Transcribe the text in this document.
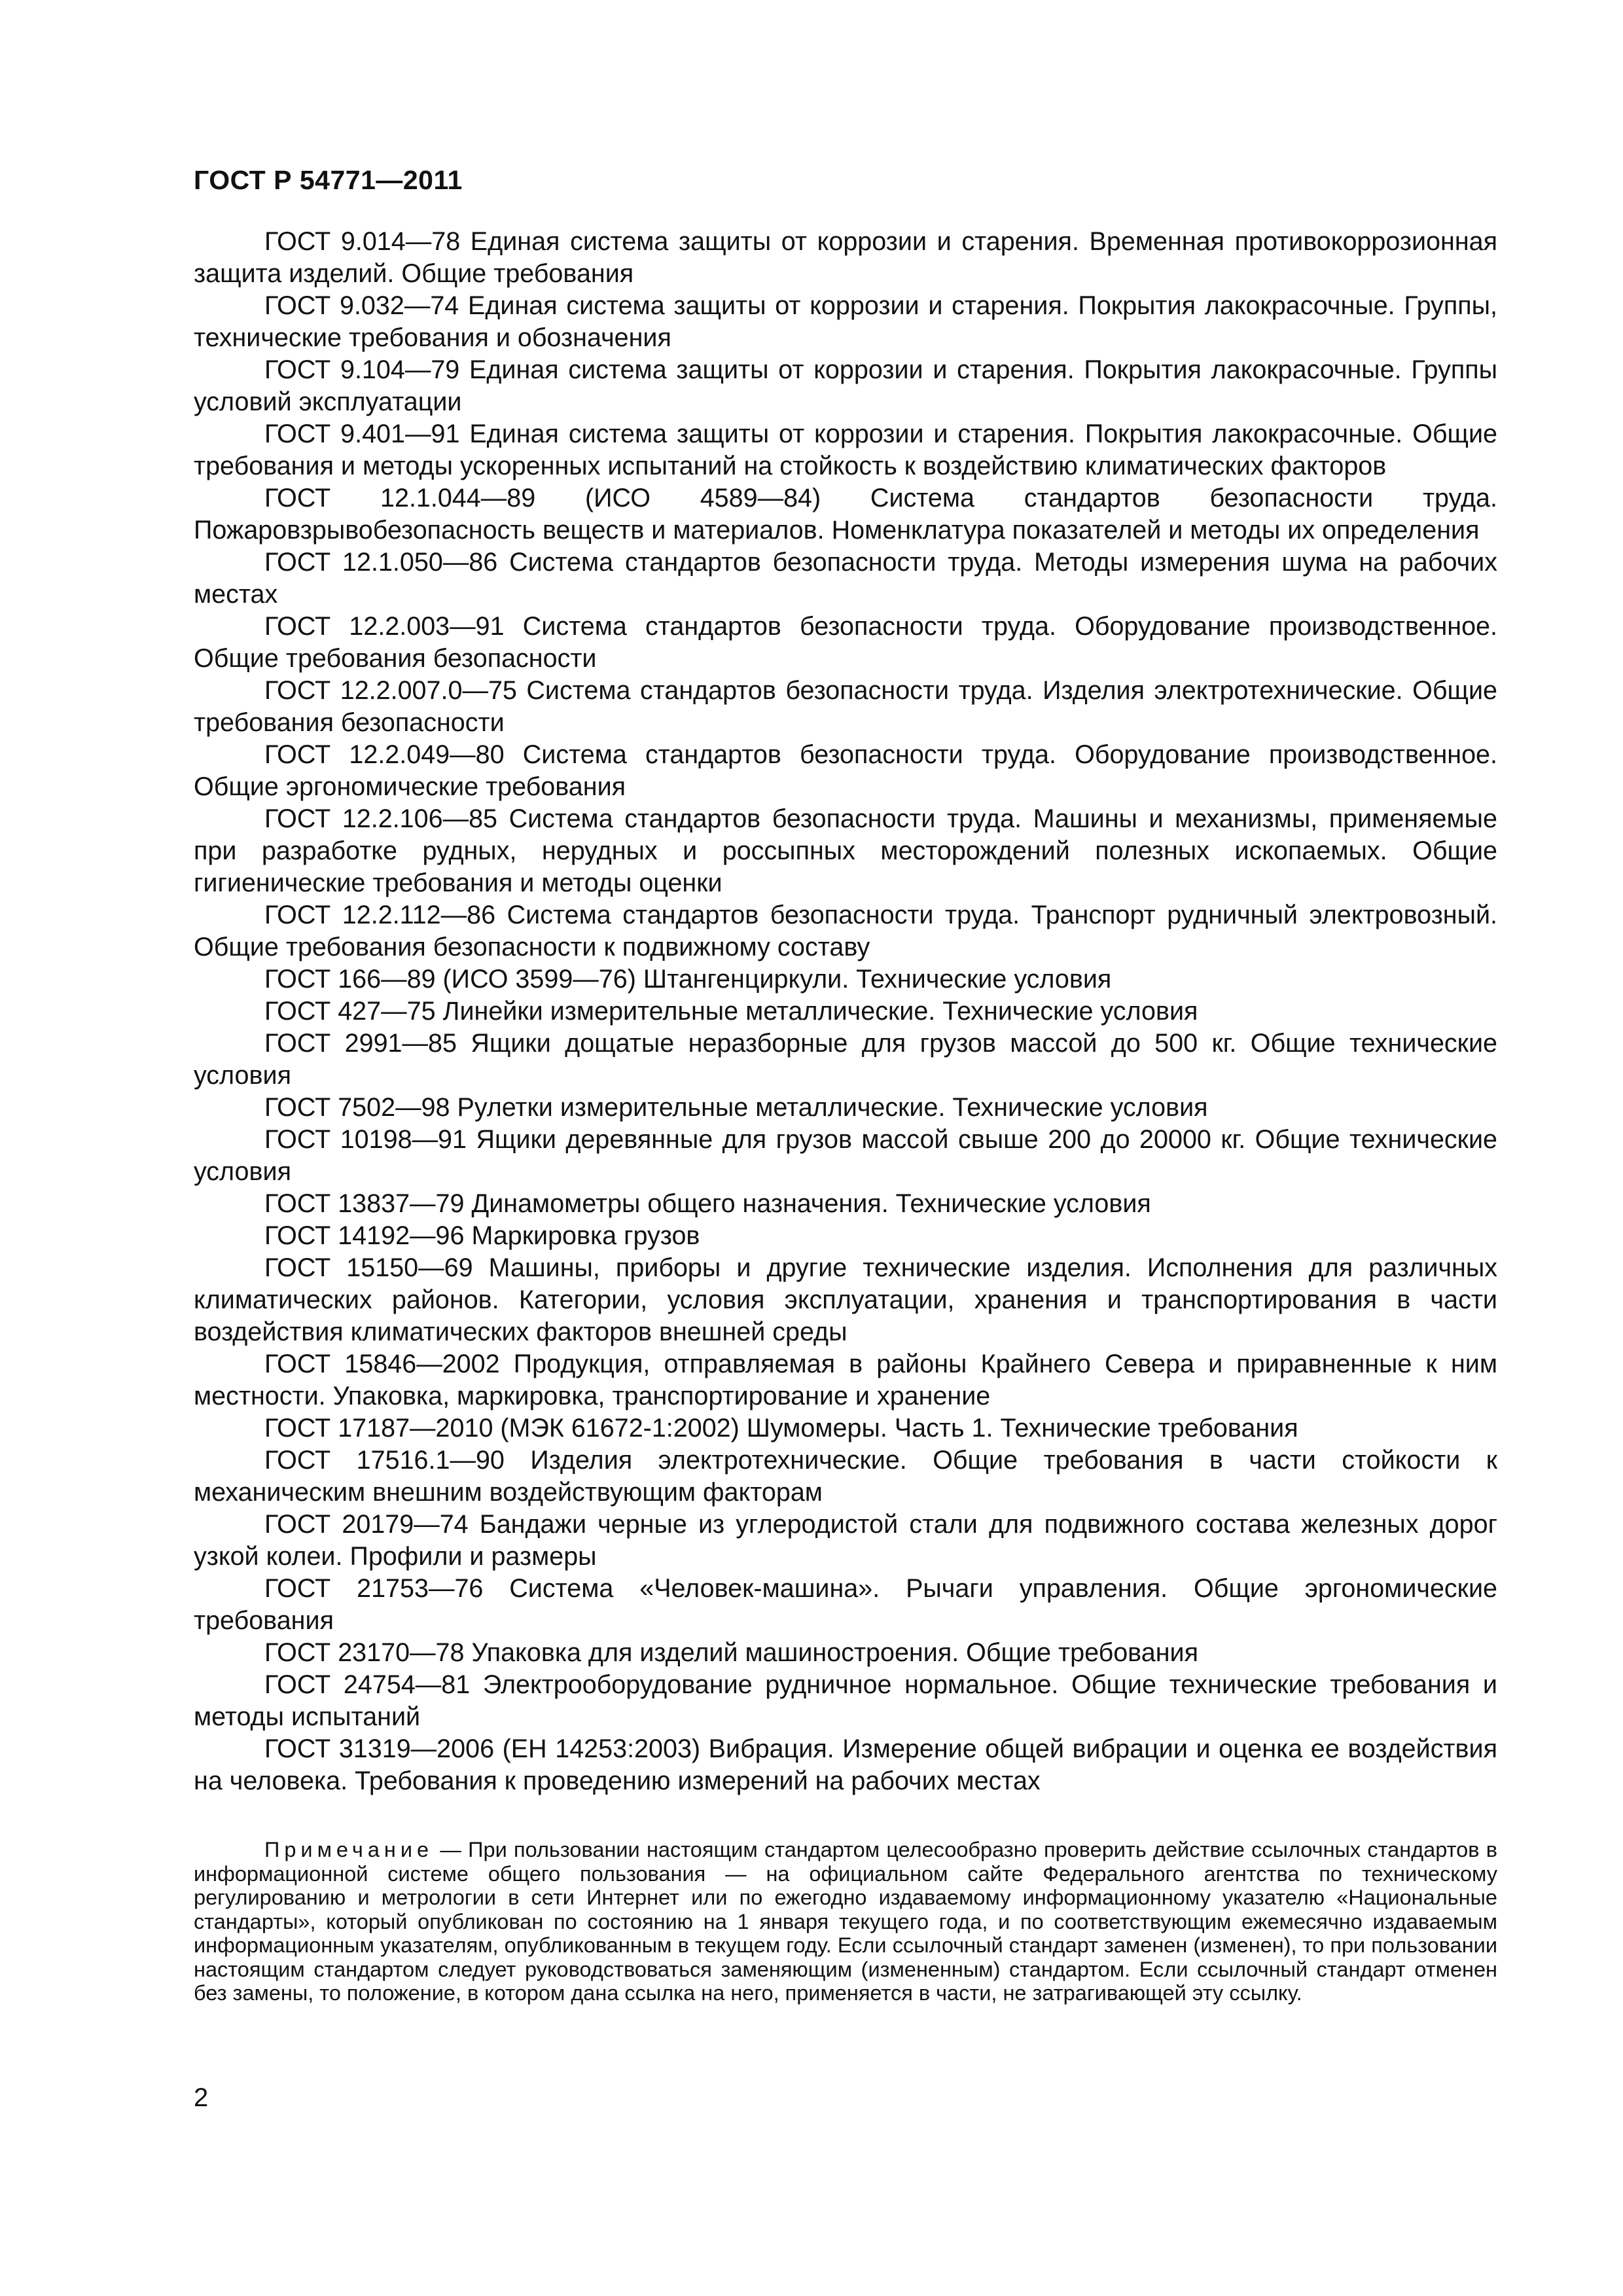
ГОСТ Р 54771—2011

ГОСТ 9.014—78 Единая система защиты от коррозии и старения. Временная противокоррозионная защита изделий. Общие требования

ГОСТ 9.032—74 Единая система защиты от коррозии и старения. Покрытия лакокрасочные. Группы, технические требования и обозначения

ГОСТ 9.104—79 Единая система защиты от коррозии и старения. Покрытия лакокрасочные. Группы условий эксплуатации

ГОСТ 9.401—91 Единая система защиты от коррозии и старения. Покрытия лакокрасочные. Общие требования и методы ускоренных испытаний на стойкость к воздействию климатических факторов

ГОСТ 12.1.044—89 (ИСО 4589—84) Система стандартов безопасности труда. Пожаровзрывобезопасность веществ и материалов. Номенклатура показателей и методы их определения

ГОСТ 12.1.050—86 Система стандартов безопасности труда. Методы измерения шума на рабочих местах

ГОСТ 12.2.003—91 Система стандартов безопасности труда. Оборудование производственное. Общие требования безопасности

ГОСТ 12.2.007.0—75 Система стандартов безопасности труда. Изделия электротехнические. Общие требования безопасности

ГОСТ 12.2.049—80 Система стандартов безопасности труда. Оборудование производственное. Общие эргономические требования

ГОСТ 12.2.106—85 Система стандартов безопасности труда. Машины и механизмы, применяемые при разработке рудных, нерудных и россыпных месторождений полезных ископаемых. Общие гигиенические требования и методы оценки

ГОСТ 12.2.112—86 Система стандартов безопасности труда. Транспорт рудничный электровозный. Общие требования безопасности к подвижному составу

ГОСТ 166—89 (ИСО 3599—76) Штангенциркули. Технические условия

ГОСТ 427—75 Линейки измерительные металлические. Технические условия

ГОСТ 2991—85 Ящики дощатые неразборные для грузов массой до 500 кг. Общие технические условия

ГОСТ 7502—98 Рулетки измерительные металлические. Технические условия

ГОСТ 10198—91 Ящики деревянные для грузов массой свыше 200 до 20000 кг. Общие технические условия

ГОСТ 13837—79 Динамометры общего назначения. Технические условия

ГОСТ 14192—96 Маркировка грузов

ГОСТ 15150—69 Машины, приборы и другие технические изделия. Исполнения для различных климатических районов. Категории, условия эксплуатации, хранения и транспортирования в части воздействия климатических факторов внешней среды

ГОСТ 15846—2002 Продукция, отправляемая в районы Крайнего Севера и приравненные к ним местности. Упаковка, маркировка, транспортирование и хранение

ГОСТ 17187—2010 (МЭК 61672-1:2002) Шумомеры. Часть 1. Технические требования

ГОСТ 17516.1—90 Изделия электротехнические. Общие требования в части стойкости к механическим внешним воздействующим факторам

ГОСТ 20179—74 Бандажи черные из углеродистой стали для подвижного состава железных дорог узкой колеи. Профили и размеры

ГОСТ 21753—76 Система «Человек-машина». Рычаги управления. Общие эргономические требования

ГОСТ 23170—78 Упаковка для изделий машиностроения. Общие требования

ГОСТ 24754—81 Электрооборудование рудничное нормальное. Общие технические требования и методы испытаний

ГОСТ 31319—2006 (ЕН 14253:2003) Вибрация. Измерение общей вибрации и оценка ее воздействия на человека. Требования к проведению измерений на рабочих местах

Примечание — При пользовании настоящим стандартом целесообразно проверить действие ссылочных стандартов в информационной системе общего пользования — на официальном сайте Федерального агентства по техническому регулированию и метрологии в сети Интернет или по ежегодно издаваемому информационному указателю «Национальные стандарты», который опубликован по состоянию на 1 января текущего года, и по соответствующим ежемесячно издаваемым информационным указателям, опубликованным в текущем году. Если ссылочный стандарт заменен (изменен), то при пользовании настоящим стандартом следует руководствоваться заменяющим (измененным) стандартом. Если ссылочный стандарт отменен без замены, то положение, в котором дана ссылка на него, применяется в части, не затрагивающей эту ссылку.

2
